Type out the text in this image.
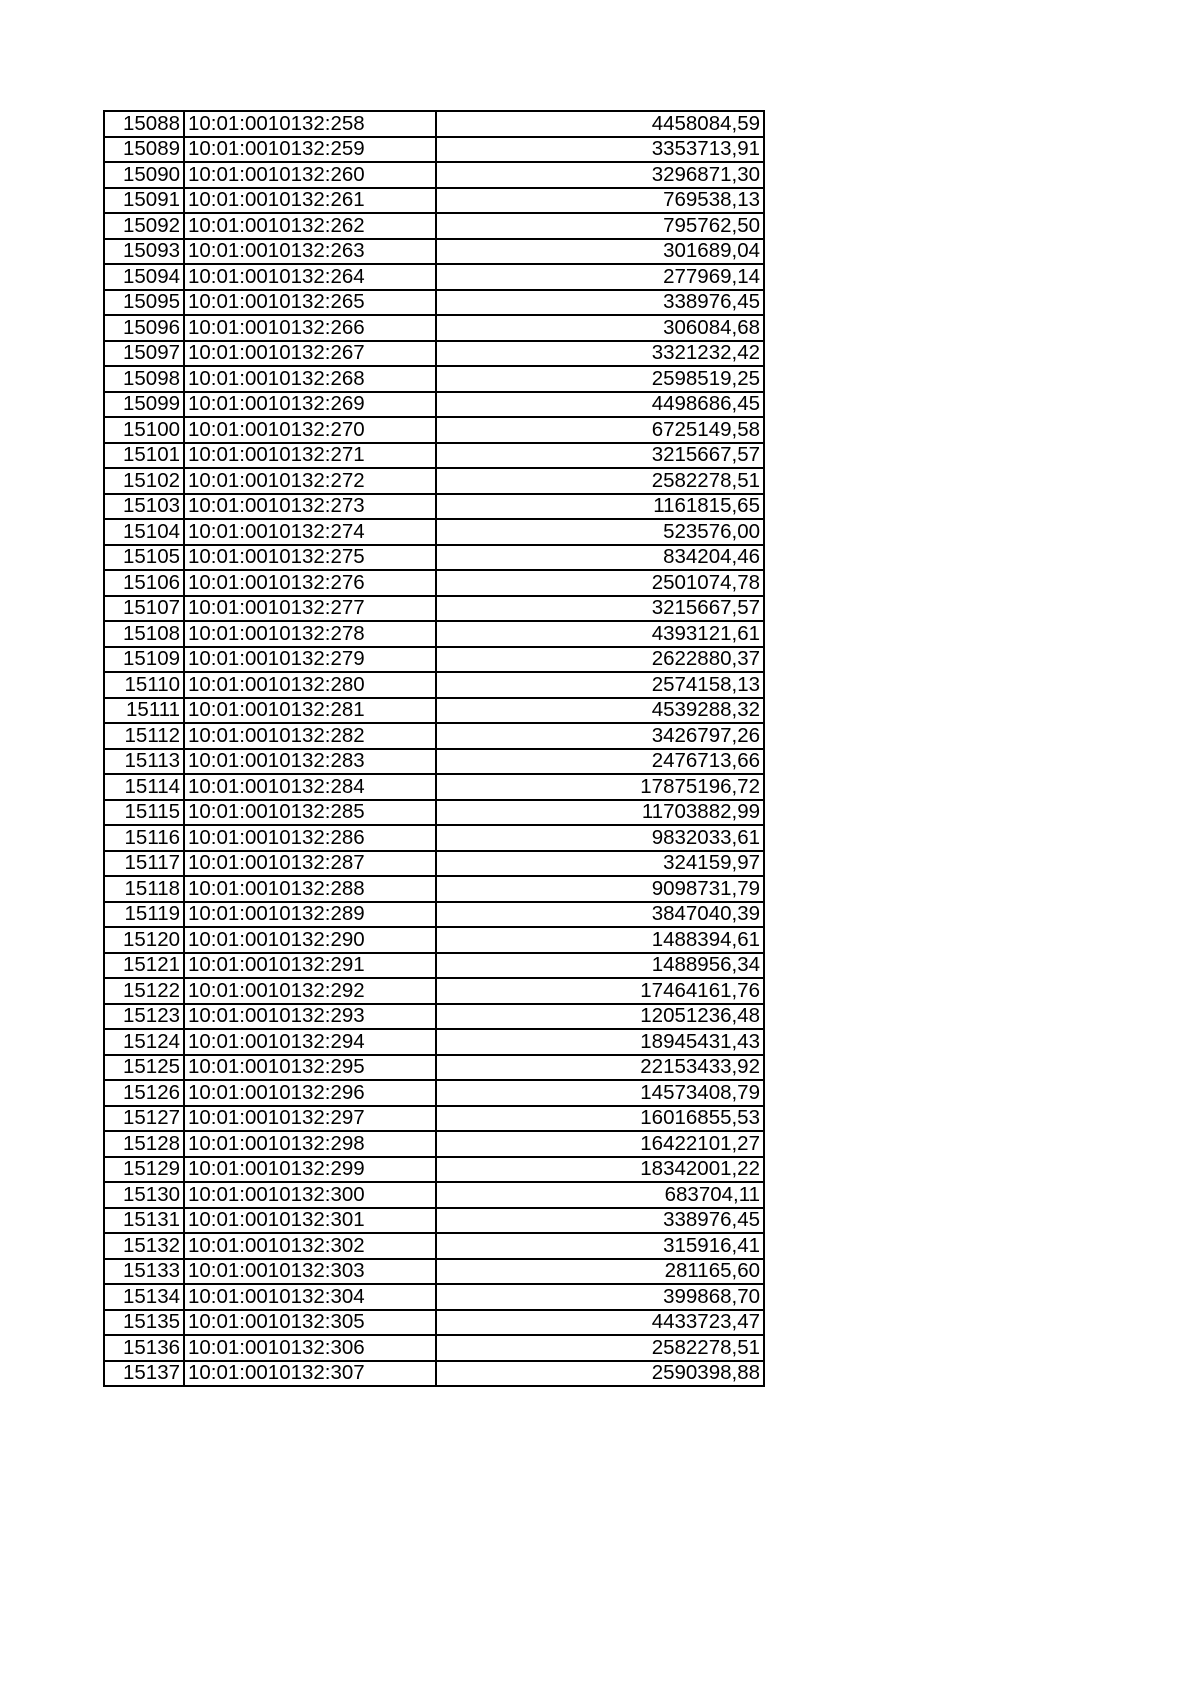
15088	10:01:0010132:258	4458084,59
15089	10:01:0010132:259	3353713,91
15090	10:01:0010132:260	3296871,30
15091	10:01:0010132:261	769538,13
15092	10:01:0010132:262	795762,50
15093	10:01:0010132:263	301689,04
15094	10:01:0010132:264	277969,14
15095	10:01:0010132:265	338976,45
15096	10:01:0010132:266	306084,68
15097	10:01:0010132:267	3321232,42
15098	10:01:0010132:268	2598519,25
15099	10:01:0010132:269	4498686,45
15100	10:01:0010132:270	6725149,58
15101	10:01:0010132:271	3215667,57
15102	10:01:0010132:272	2582278,51
15103	10:01:0010132:273	1161815,65
15104	10:01:0010132:274	523576,00
15105	10:01:0010132:275	834204,46
15106	10:01:0010132:276	2501074,78
15107	10:01:0010132:277	3215667,57
15108	10:01:0010132:278	4393121,61
15109	10:01:0010132:279	2622880,37
15110	10:01:0010132:280	2574158,13
15111	10:01:0010132:281	4539288,32
15112	10:01:0010132:282	3426797,26
15113	10:01:0010132:283	2476713,66
15114	10:01:0010132:284	17875196,72
15115	10:01:0010132:285	11703882,99
15116	10:01:0010132:286	9832033,61
15117	10:01:0010132:287	324159,97
15118	10:01:0010132:288	9098731,79
15119	10:01:0010132:289	3847040,39
15120	10:01:0010132:290	1488394,61
15121	10:01:0010132:291	1488956,34
15122	10:01:0010132:292	17464161,76
15123	10:01:0010132:293	12051236,48
15124	10:01:0010132:294	18945431,43
15125	10:01:0010132:295	22153433,92
15126	10:01:0010132:296	14573408,79
15127	10:01:0010132:297	16016855,53
15128	10:01:0010132:298	16422101,27
15129	10:01:0010132:299	18342001,22
15130	10:01:0010132:300	683704,11
15131	10:01:0010132:301	338976,45
15132	10:01:0010132:302	315916,41
15133	10:01:0010132:303	281165,60
15134	10:01:0010132:304	399868,70
15135	10:01:0010132:305	4433723,47
15136	10:01:0010132:306	2582278,51
15137	10:01:0010132:307	2590398,88
